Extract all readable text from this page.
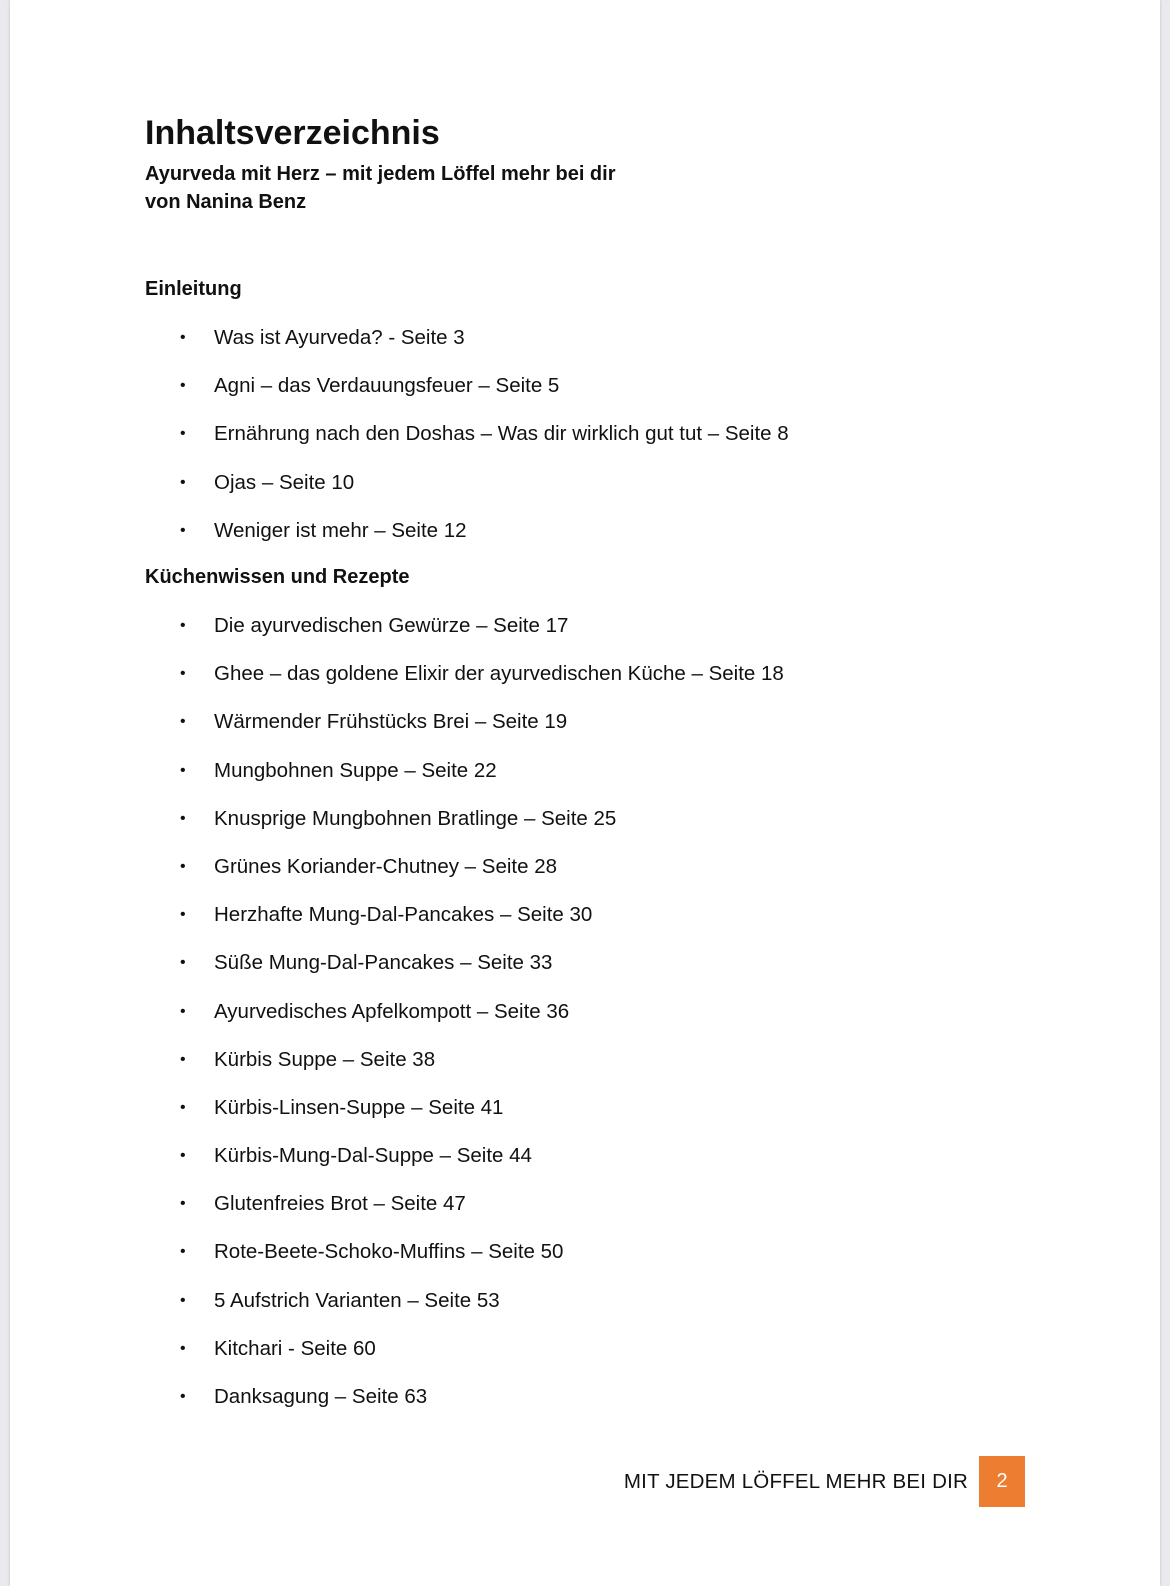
Inhaltsverzeichnis
Ayurveda mit Herz – mit jedem Löffel mehr bei dir
von Nanina Benz
Einleitung
• Was ist Ayurveda? - Seite 3
• Agni – das Verdauungsfeuer – Seite 5
• Ernährung nach den Doshas – Was dir wirklich gut tut – Seite 8
• Ojas – Seite 10
• Weniger ist mehr – Seite 12
Küchenwissen und Rezepte
• Die ayurvedischen Gewürze – Seite 17
• Ghee – das goldene Elixir der ayurvedischen Küche – Seite 18
• Wärmender Frühstücks Brei – Seite 19
• Mungbohnen Suppe – Seite 22
• Knusprige Mungbohnen Bratlinge – Seite 25
• Grünes Koriander-Chutney – Seite 28
• Herzhafte Mung-Dal-Pancakes – Seite 30
• Süße Mung-Dal-Pancakes – Seite 33
• Ayurvedisches Apfelkompott – Seite 36
• Kürbis Suppe – Seite 38
• Kürbis-Linsen-Suppe – Seite 41
• Kürbis-Mung-Dal-Suppe – Seite 44
• Glutenfreies Brot – Seite 47
• Rote-Beete-Schoko-Muffins – Seite 50
• 5 Aufstrich Varianten – Seite 53
• Kitchari - Seite 60
• Danksagung – Seite 63
MIT JEDEM LÖFFEL MEHR BEI DIR	2
